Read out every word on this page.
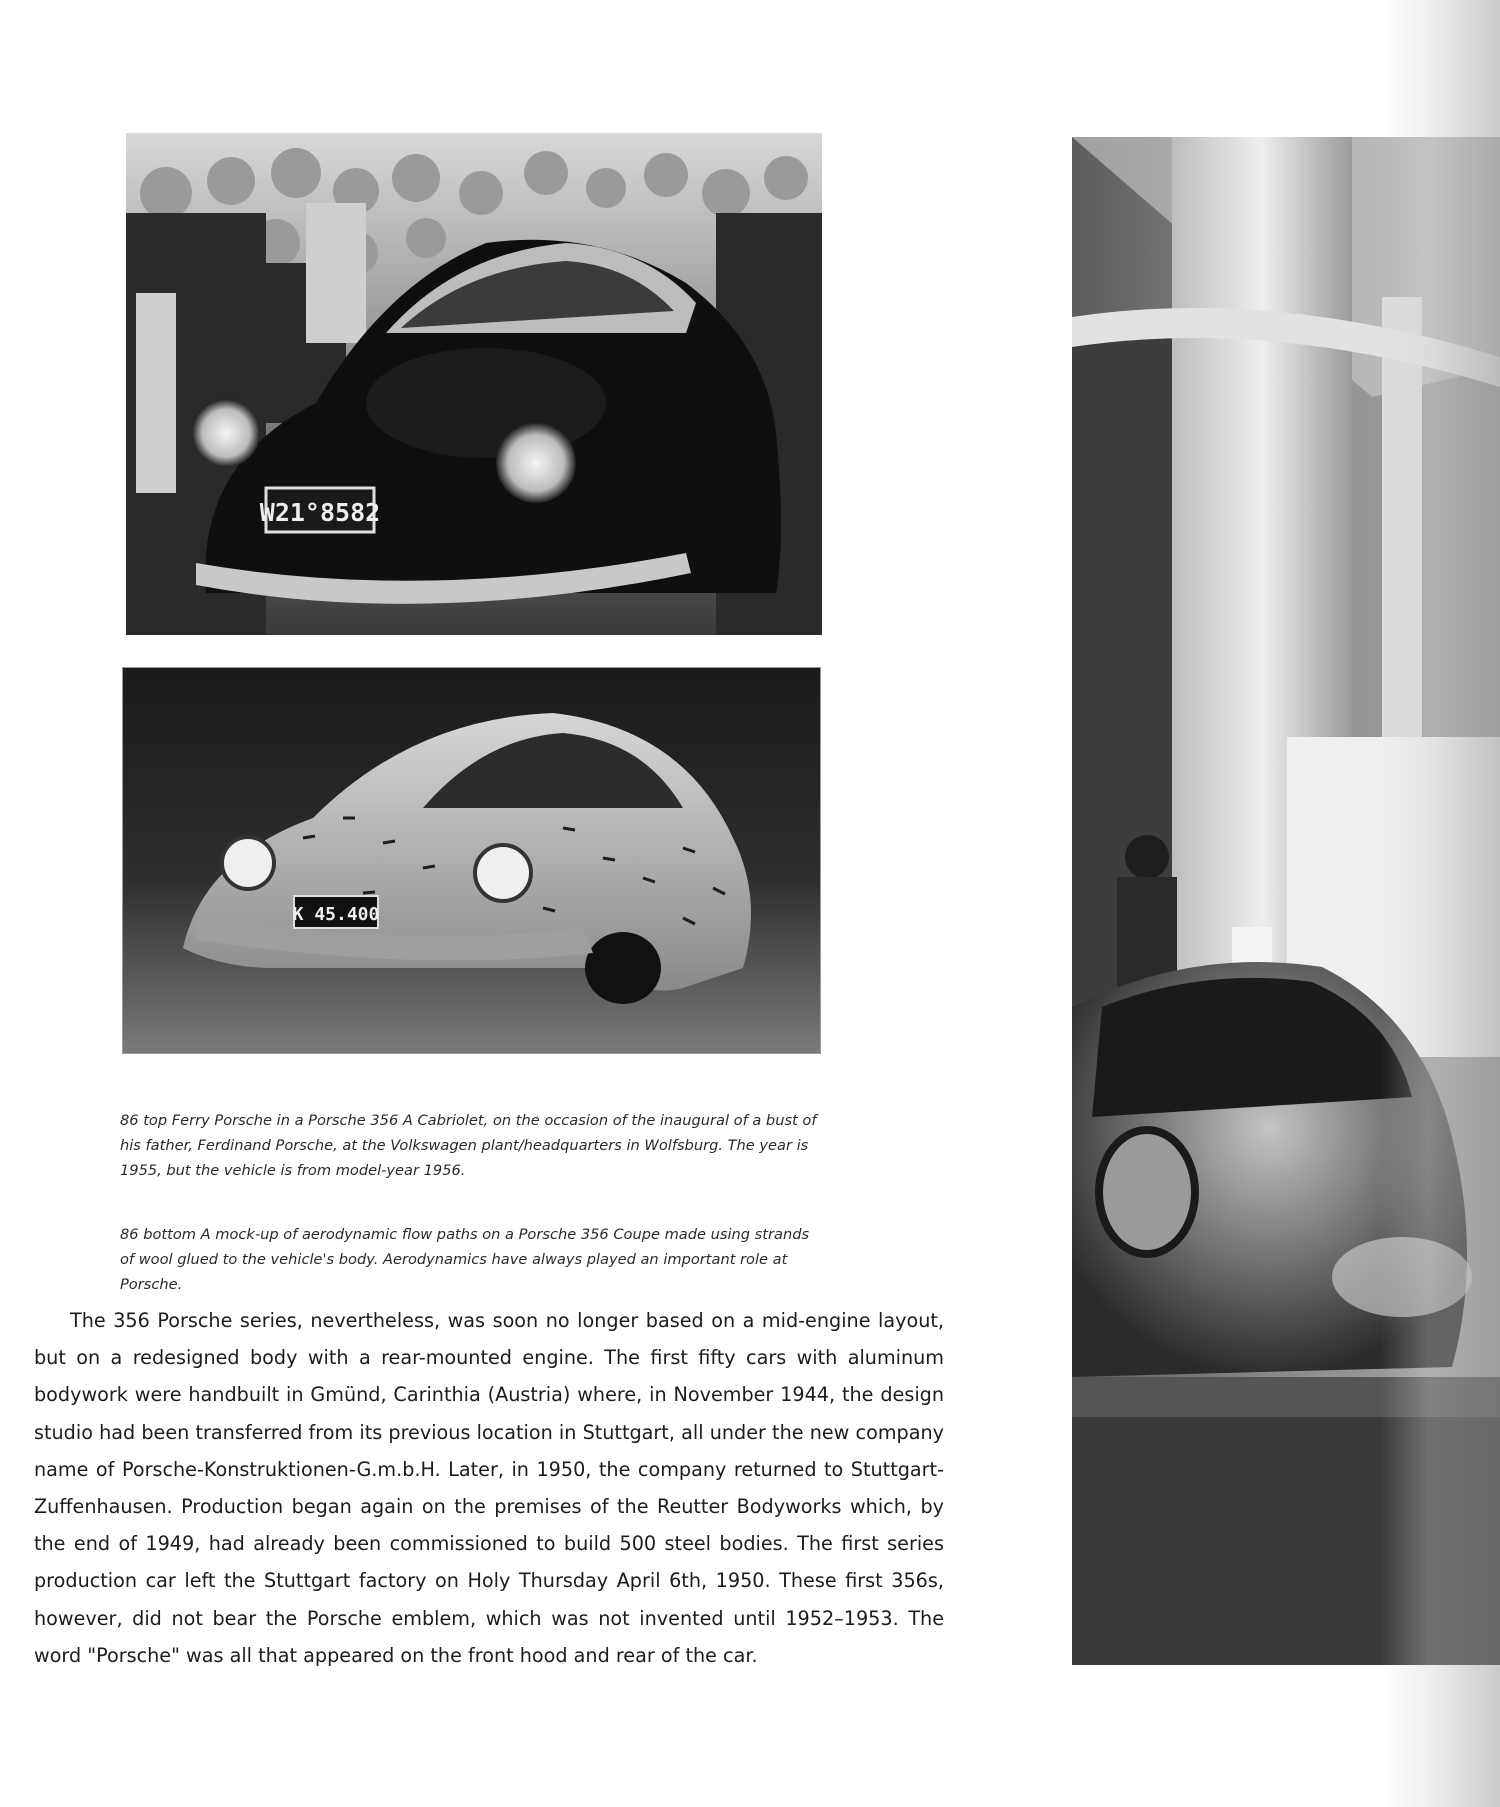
W21°8582
K 45.400

86 top Ferry Porsche in a Porsche 356 A Cabriolet, on the occasion of the inaugural of a bust of his father, Ferdinand Porsche, at the Volkswagen plant/headquarters in Wolfsburg. The year is 1955, but the vehicle is from model-year 1956.

86 bottom A mock-up of aerodynamic flow paths on a Porsche 356 Coupe made using strands of wool glued to the vehicle's body. Aerodynamics have always played an important role at Porsche.

The 356 Porsche series, nevertheless, was soon no longer based on a mid-engine layout, but on a redesigned body with a rear-mounted engine. The first fifty cars with aluminum bodywork were handbuilt in Gmünd, Carinthia (Austria) where, in November 1944, the design studio had been transferred from its previous location in Stuttgart, all under the new company name of Porsche-Konstruktionen-G.m.b.H. Later, in 1950, the company returned to Stuttgart-Zuffenhausen. Production began again on the premises of the Reutter Bodyworks which, by the end of 1949, had already been commissioned to build 500 steel bodies. The first series production car left the Stuttgart factory on Holy Thursday April 6th, 1950. These first 356s, however, did not bear the Porsche emblem, which was not invented until 1952–1953. The word "Porsche" was all that appeared on the front hood and rear of the car.
